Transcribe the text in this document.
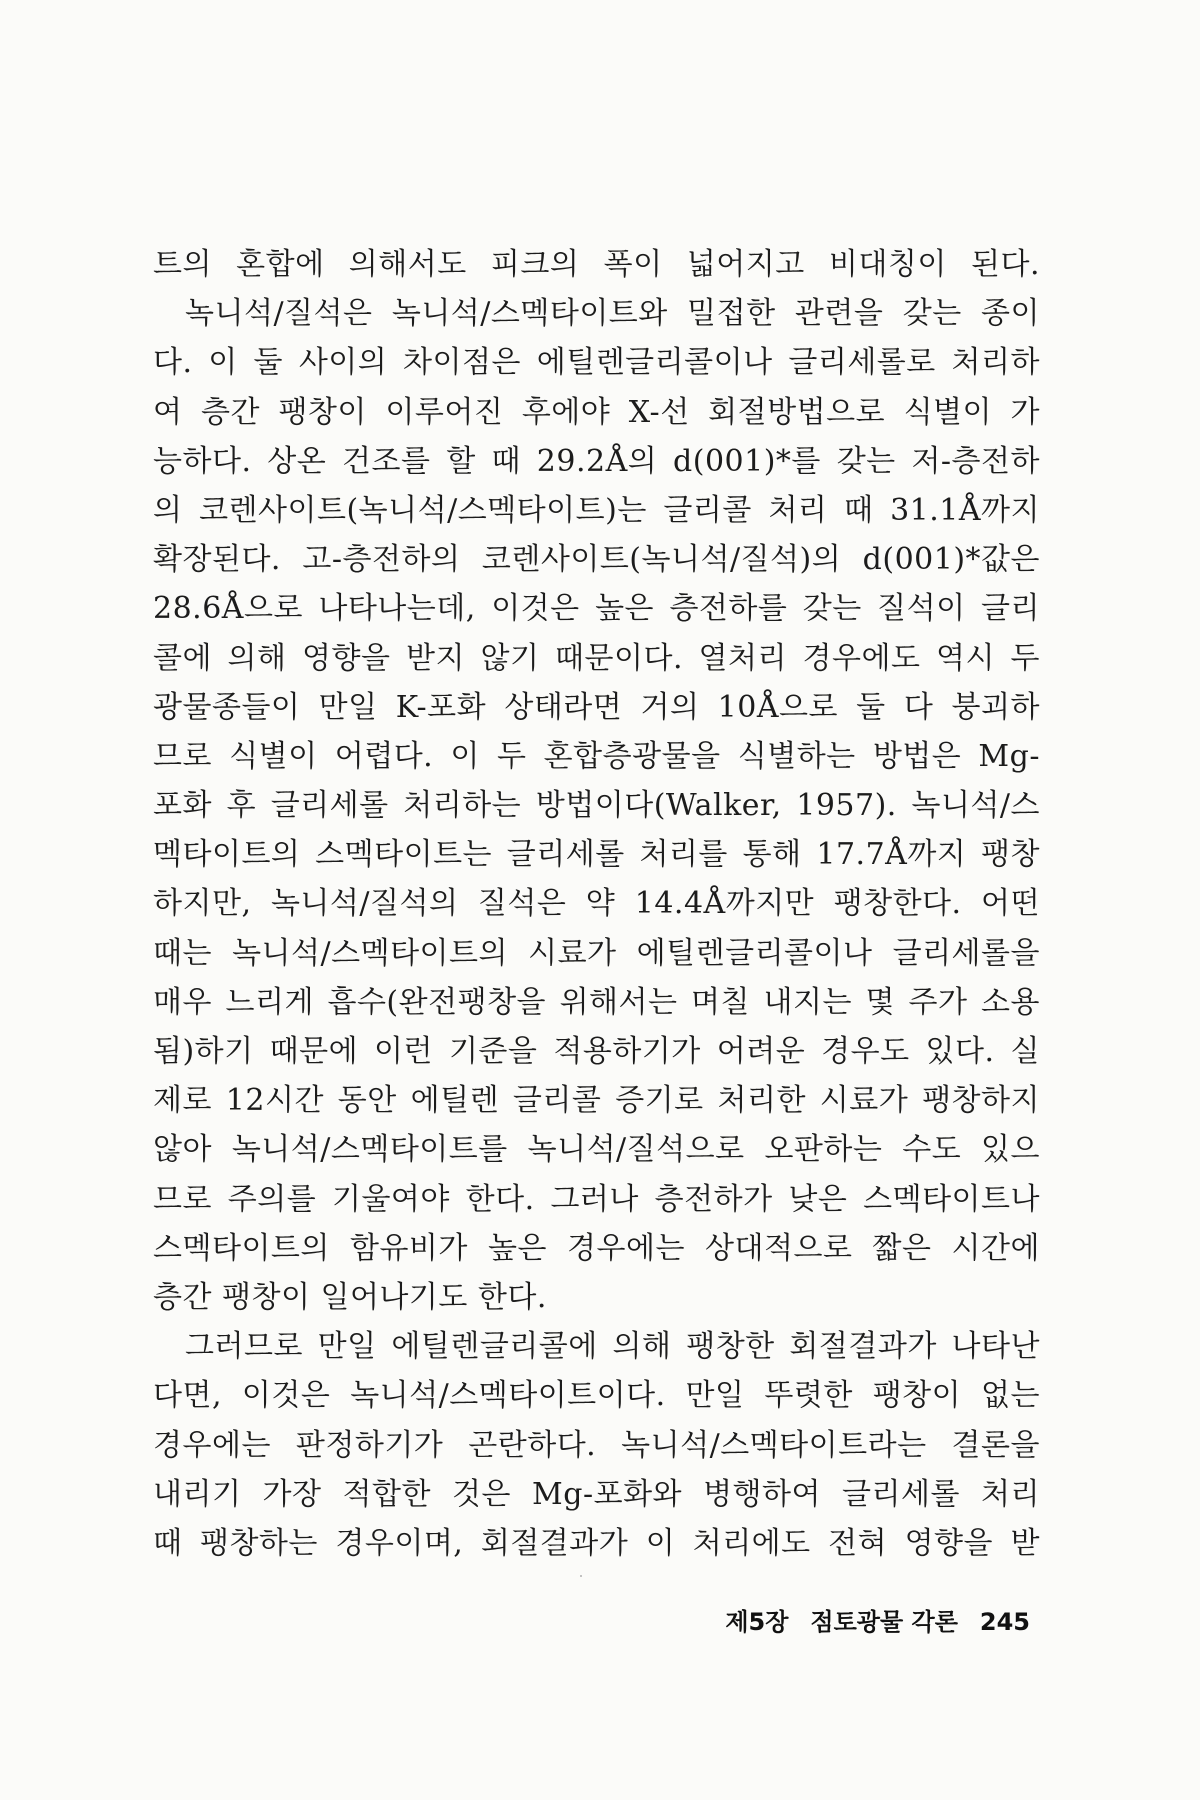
트의 혼합에 의해서도 피크의 폭이 넓어지고 비대칭이 된다.
녹니석/질석은 녹니석/스멕타이트와 밀접한 관련을 갖는 종이
다. 이 둘 사이의 차이점은 에틸렌글리콜이나 글리세롤로 처리하
여 층간 팽창이 이루어진 후에야 X-선 회절방법으로 식별이 가
능하다. 상온 건조를 할 때 29.2Å의 d(001)*를 갖는 저-층전하
의 코렌사이트(녹니석/스멕타이트)는 글리콜 처리 때 31.1Å까지
확장된다. 고-층전하의 코렌사이트(녹니석/질석)의 d(001)*값은
28.6Å으로 나타나는데, 이것은 높은 층전하를 갖는 질석이 글리
콜에 의해 영향을 받지 않기 때문이다. 열처리 경우에도 역시 두
광물종들이 만일 K-포화 상태라면 거의 10Å으로 둘 다 붕괴하
므로 식별이 어렵다. 이 두 혼합층광물을 식별하는 방법은 Mg-
포화 후 글리세롤 처리하는 방법이다(Walker, 1957). 녹니석/스
멕타이트의 스멕타이트는 글리세롤 처리를 통해 17.7Å까지 팽창
하지만, 녹니석/질석의 질석은 약 14.4Å까지만 팽창한다. 어떤
때는 녹니석/스멕타이트의 시료가 에틸렌글리콜이나 글리세롤을
매우 느리게 흡수(완전팽창을 위해서는 며칠 내지는 몇 주가 소용
됨)하기 때문에 이런 기준을 적용하기가 어려운 경우도 있다. 실
제로 12시간 동안 에틸렌 글리콜 증기로 처리한 시료가 팽창하지
않아 녹니석/스멕타이트를 녹니석/질석으로 오판하는 수도 있으
므로 주의를 기울여야 한다. 그러나 층전하가 낮은 스멕타이트나
스멕타이트의 함유비가 높은 경우에는 상대적으로 짧은 시간에
층간 팽창이 일어나기도 한다.
그러므로 만일 에틸렌글리콜에 의해 팽창한 회절결과가 나타난
다면, 이것은 녹니석/스멕타이트이다. 만일 뚜렷한 팽창이 없는
경우에는 판정하기가 곤란하다. 녹니석/스멕타이트라는 결론을
내리기 가장 적합한 것은 Mg-포화와 병행하여 글리세롤 처리
때 팽창하는 경우이며, 회절결과가 이 처리에도 전혀 영향을 받
제5장 점토광물 각론 245
